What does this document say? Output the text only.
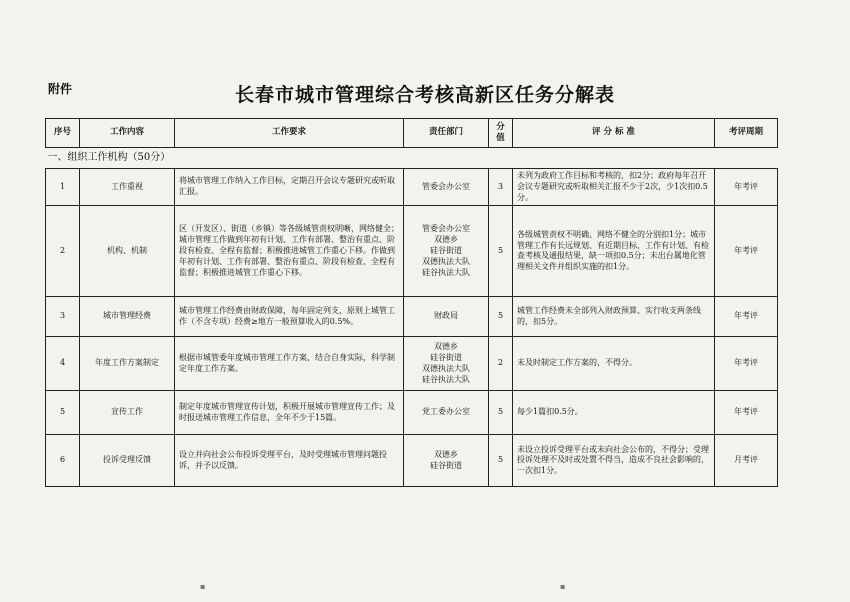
附件	长春市城市管理综合考核高新区任务分解表
序号	工作内容	工作要求	责任部门	分值	评 分 标 准	考评周期
一、组织工作机构（50分）						
1	工作重视	将城市管理工作纳入工作目标，定期召开会议专题研究或听取汇报。	管委会办公室	3	未列为政府工作目标和考核的，扣2分；政府每年召开会议专题研究或听取相关汇报不少于2次，少1次扣0.5分。	年考评
2	机构、机制	区（开发区）、街道（乡镇）等各级城管责权明晰，网络健全；城市管理工作做到年初有计划、工作有部署、整治有重点、阶段有检查、全程有监督；积极推进城管工作重心下移。作做到年初有计划、工作有部署、整治有重点、阶段有检查、全程有监督；积极推进城管工作重心下移。	管委会办公室
双德乡
硅谷街道
双德执法大队
硅谷执法大队	5	各级城管责权不明确、网络不健全的分别扣1分；城市管理工作有长远规划、有近期目标，工作有计划、有检查考核及通报结果，缺一项扣0.5分；未出台属地化管理相关文件并组织实施的扣1分。	年考评
3	城市管理经费	城市管理工作经费由财政保障，每年固定列支，原则上城管工作（不含专项）经费≥地方一般预算收入的0.5%。	财政局	5	城管工作经费未全部列入财政预算、实行收支两条线的，扣5分。	年考评
4	年度工作方案制定	根据市城管委年度城市管理工作方案，结合自身实际，科学制定年度工作方案。	双德乡
硅谷街道
双德执法大队
硅谷执法大队	2	未及时制定工作方案的，不得分。	年考评
5	宣传工作	制定年度城市管理宣传计划，积极开展城市管理宣传工作；及时报送城市管理工作信息，全年不少于15篇。	党工委办公室	5	每少1篇扣0.5分。	年考评
6	投诉受理反馈	设立并向社会公布投诉受理平台，及时受理城市管理问题投诉，并予以反馈。	双德乡
硅谷街道	5	未设立投诉受理平台或未向社会公布的，不得分；受理投诉处理不及时或处置不得当，造成不良社会影响的，一次扣1分。	月考评
▪	▪
